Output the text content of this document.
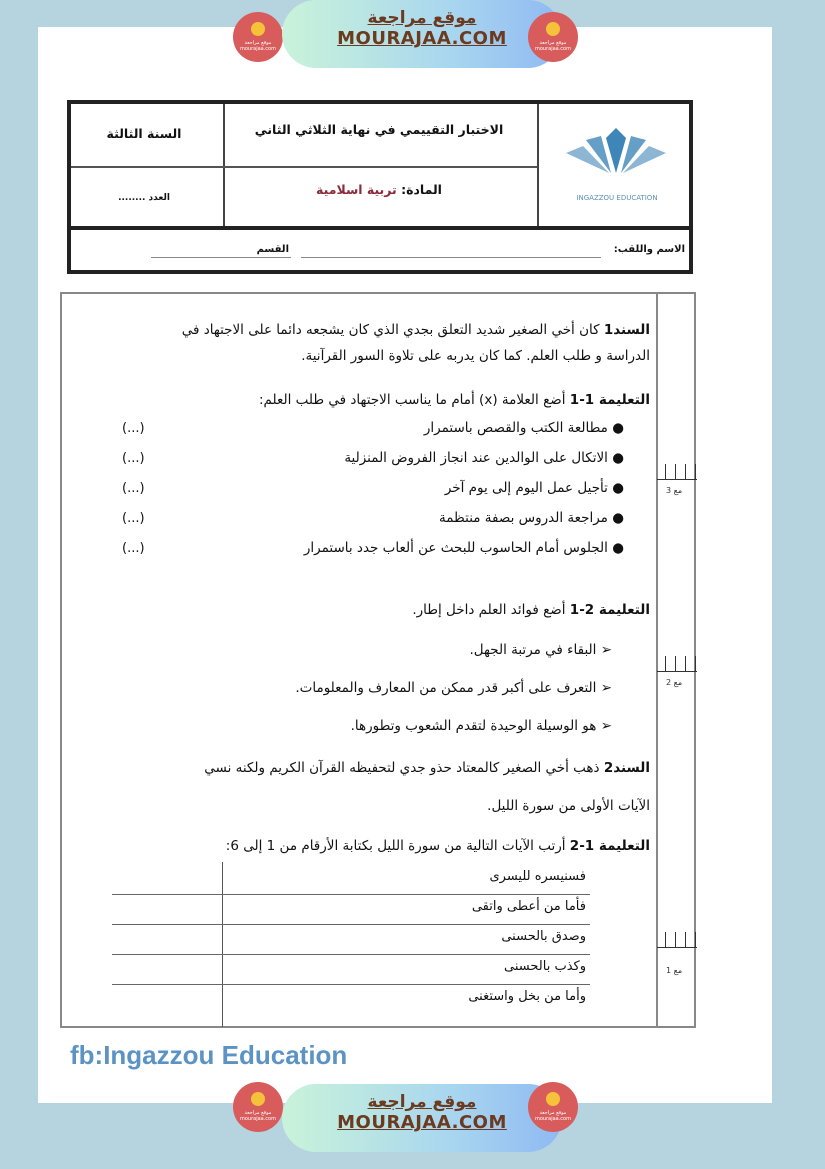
موقع مراجعة mourajaa.com
موقع مراجعة
MOURAJAA.COM	موقع مراجعة mourajaa.com
موقع مراجعة mourajaa.com
موقع مراجعة
MOURAJAA.COM	موقع مراجعة mourajaa.com
السنة الثالثة
العدد ........
الاختبار التقييمي في نهاية الثلاثي الثاني
المادة: تربية اسلامية
INGAZZOU EDUCATION
الاسم واللقب:
القسم
السند1 كان أخي الصغير شديد التعلق بجدي الذي كان يشجعه دائما على الاجتهاد في
الدراسة و طلب العلم. كما كان يدربه على تلاوة السور القرآنية.
التعليمة 1-1 أضع العلامة (x) أمام ما يناسب الاجتهاد في طلب العلم:
● مطالعة الكتب والقصص باستمرار
(...)
● الاتكال على الوالدين عند انجاز الفروض المنزلية
(...)
● تأجيل عمل اليوم إلى يوم آخر
(...)
● مراجعة الدروس بصفة منتظمة
(...)
● الجلوس أمام الحاسوب للبحث عن ألعاب جدد باستمرار
(...)
التعليمة 2-1 أضع فوائد العلم داخل إطار.
➢ البقاء في مرتبة الجهل.
➢ التعرف على أكبر قدر ممكن من المعارف والمعلومات.
➢ هو الوسيلة الوحيدة لتقدم الشعوب وتطورها.
السند2 ذهب أخي الصغير كالمعتاد حذو جدي لتحفيظه القرآن الكريم ولكنه نسي
الآيات الأولى من سورة الليل.
التعليمة 1-2 أرتب الآيات التالية من سورة الليل بكتابة الأرقام من 1 إلى 6:
فسنيسره لليسرى
فأما من أعطى واتقى
وصدق بالحسنى
وكذب بالحسنى
وأما من بخل واستغنى
مع 3
مع 2
مع 1
fb:Ingazzou Education
